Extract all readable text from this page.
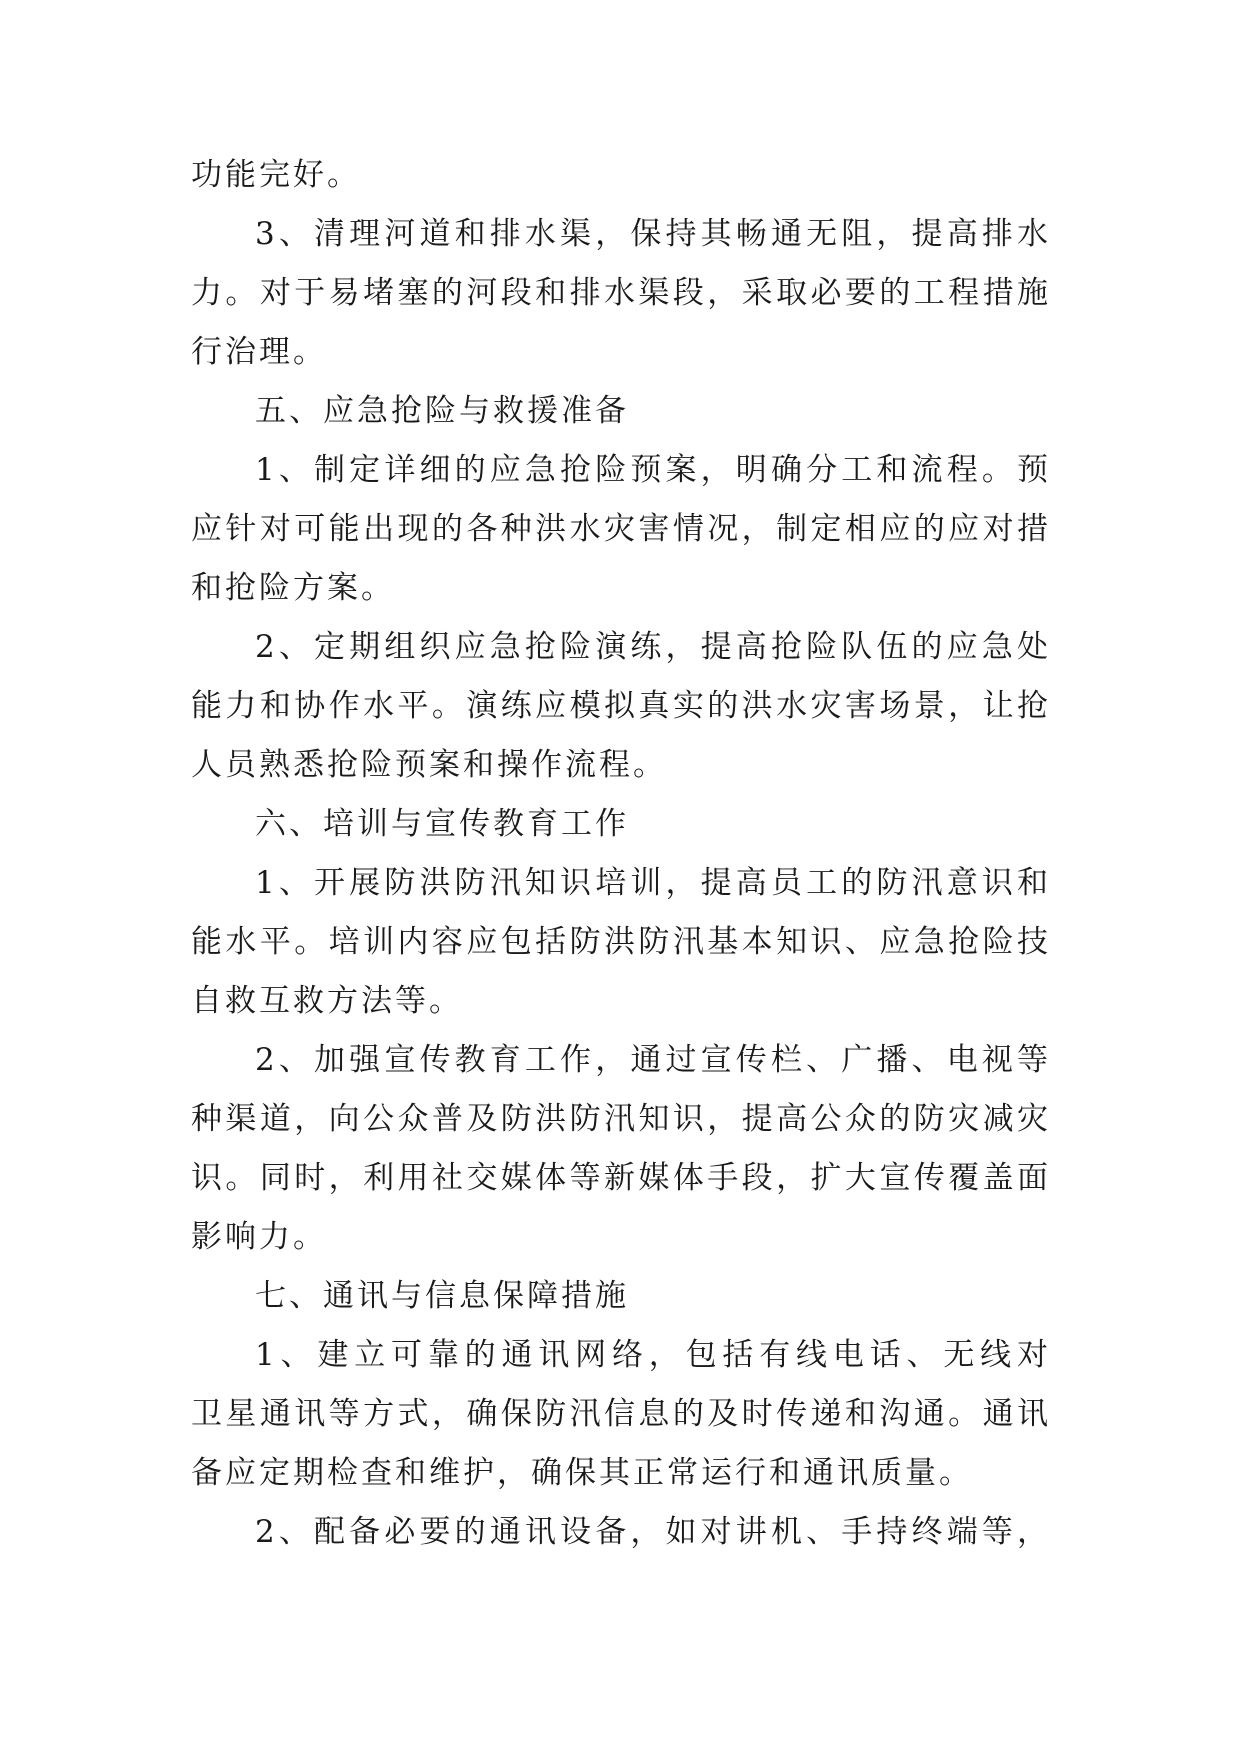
功能完好。
3、清理河道和排水渠，保持其畅通无阻，提高排水
力。对于易堵塞的河段和排水渠段，采取必要的工程措施
行治理。
五、应急抢险与救援准备
1、制定详细的应急抢险预案，明确分工和流程。预
应针对可能出现的各种洪水灾害情况，制定相应的应对措
和抢险方案。
2、定期组织应急抢险演练，提高抢险队伍的应急处
能力和协作水平。演练应模拟真实的洪水灾害场景，让抢
人员熟悉抢险预案和操作流程。
六、培训与宣传教育工作
1、开展防洪防汛知识培训，提高员工的防汛意识和
能水平。培训内容应包括防洪防汛基本知识、应急抢险技
自救互救方法等。
2、加强宣传教育工作，通过宣传栏、广播、电视等
种渠道，向公众普及防洪防汛知识，提高公众的防灾减灾
识。同时，利用社交媒体等新媒体手段，扩大宣传覆盖面
影响力。
七、通讯与信息保障措施
1、建立可靠的通讯网络，包括有线电话、无线对
卫星通讯等方式，确保防汛信息的及时传递和沟通。通讯
备应定期检查和维护，确保其正常运行和通讯质量。
2、配备必要的通讯设备，如对讲机、手持终端等，
